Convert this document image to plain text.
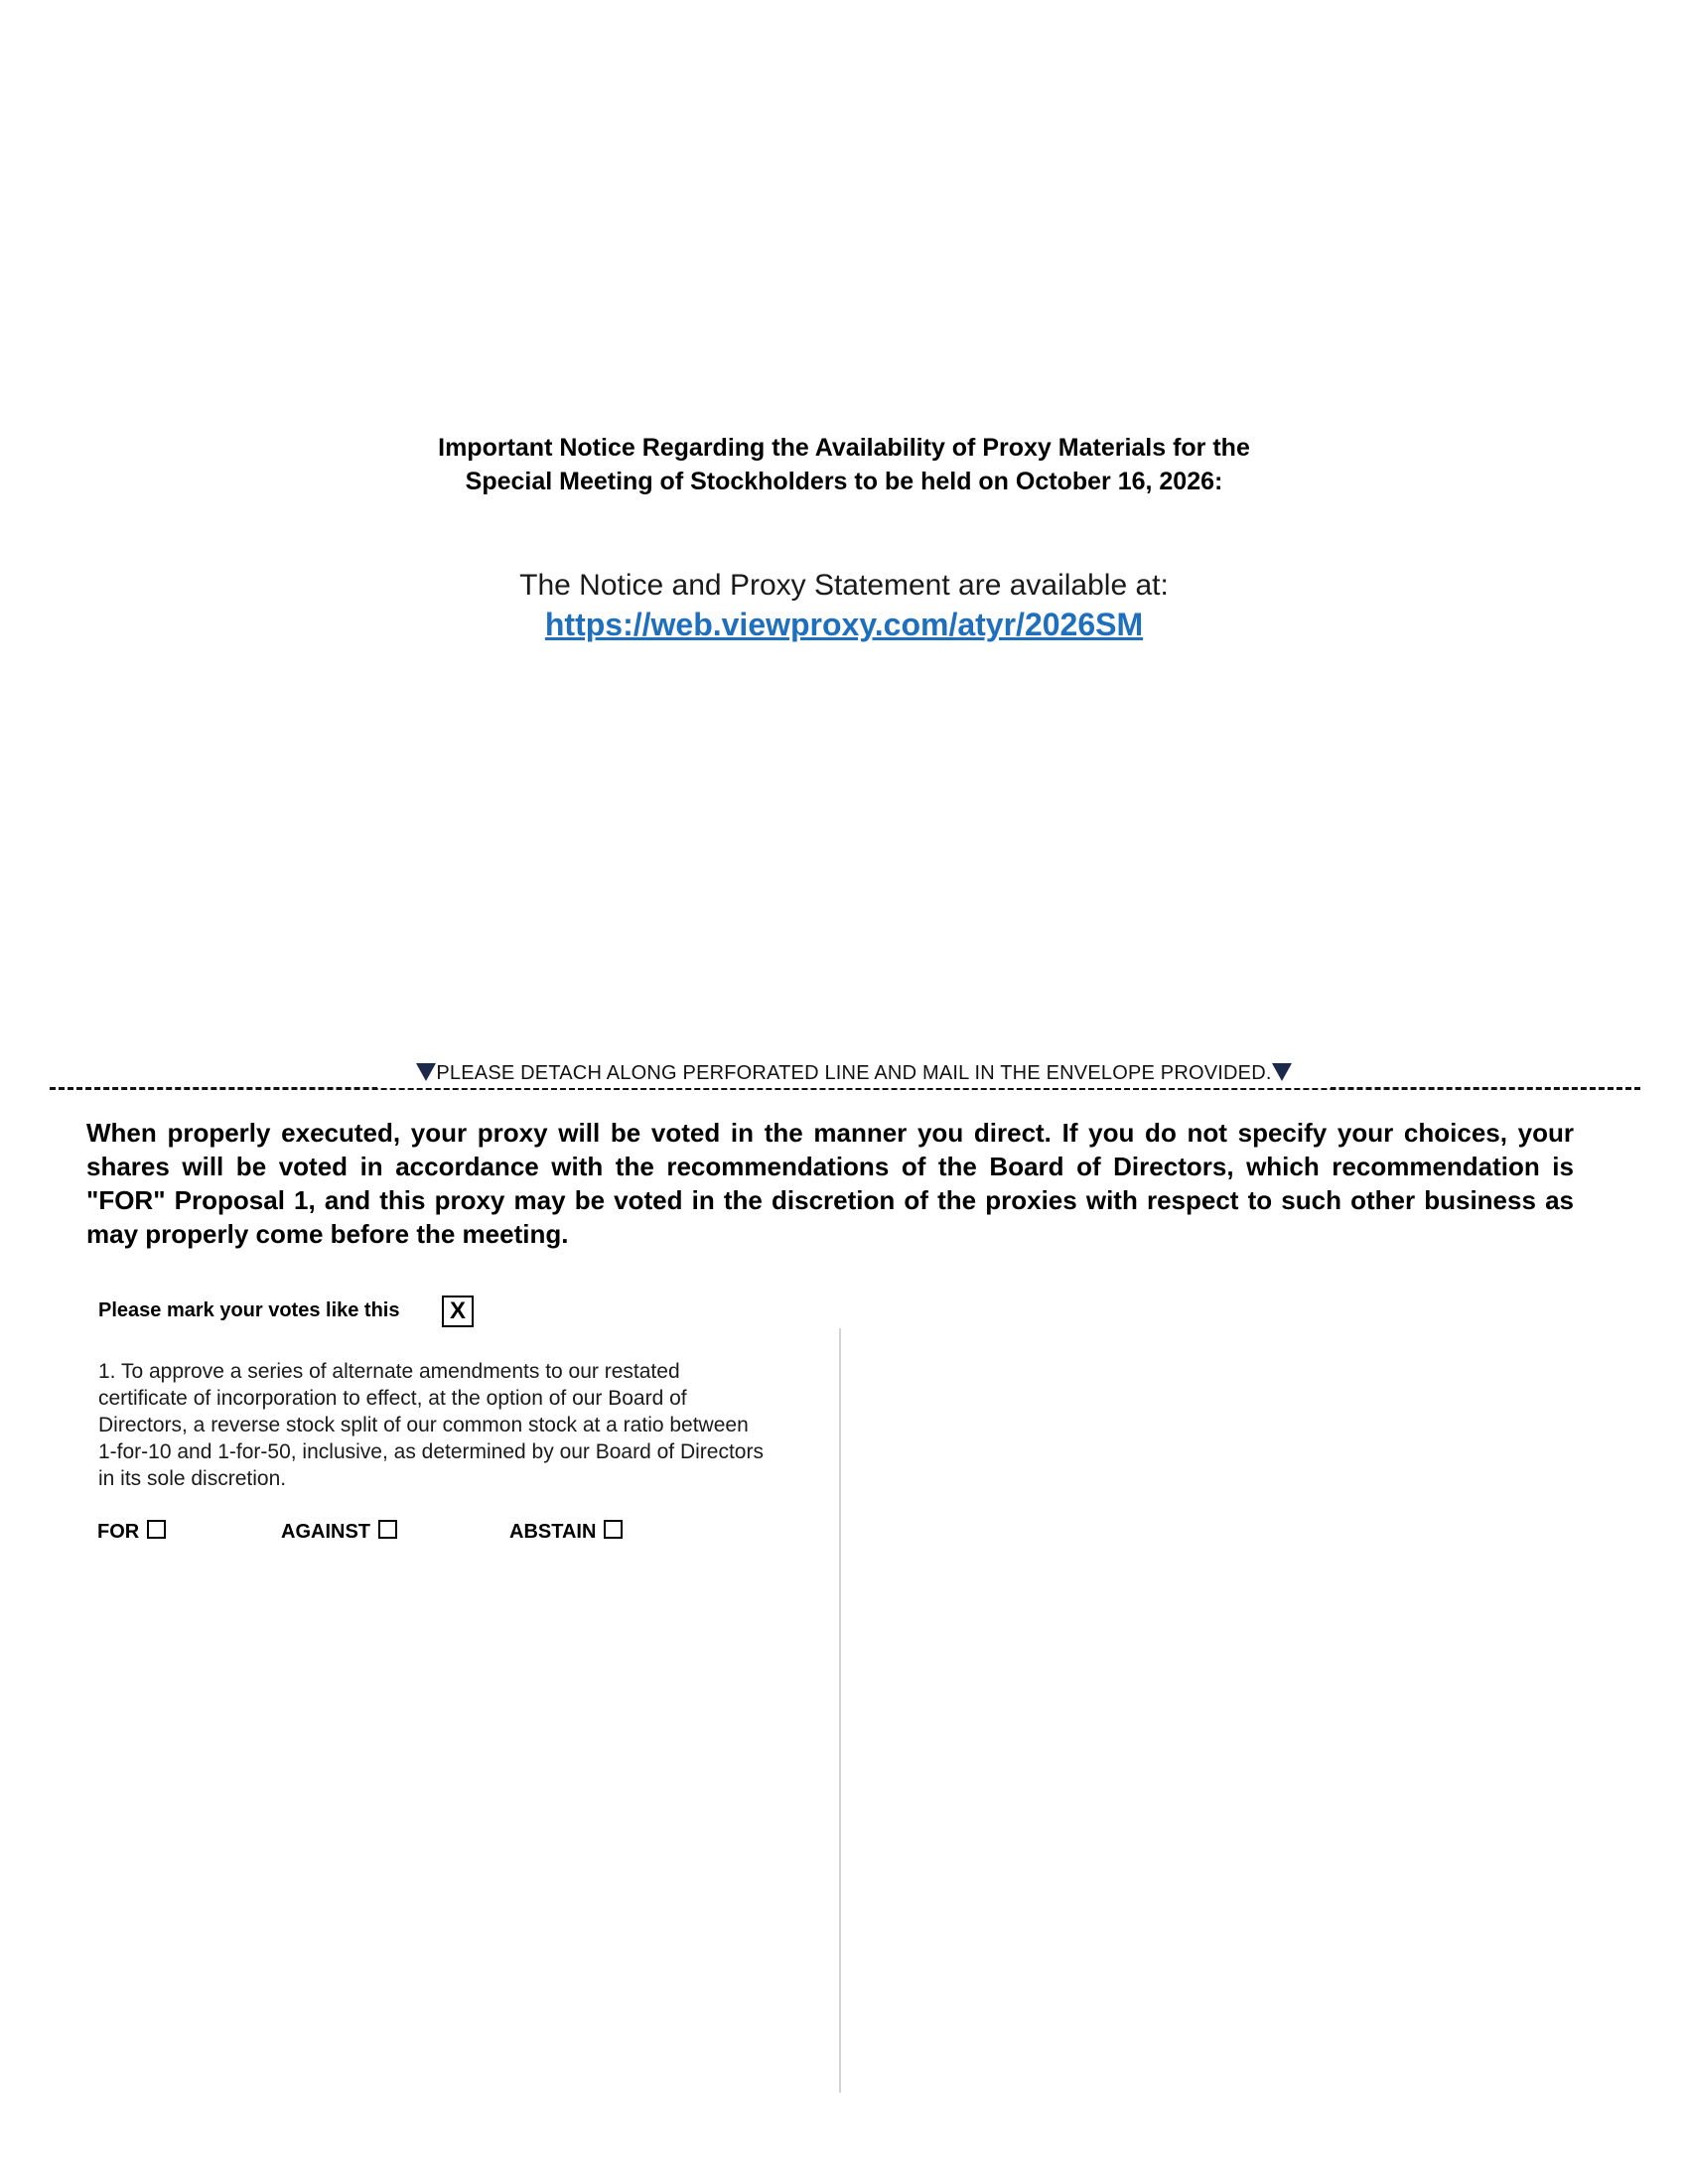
Important Notice Regarding the Availability of Proxy Materials for the
Special Meeting of Stockholders to be held on October 16, 2026:
The Notice and Proxy Statement are available at:
https://web.viewproxy.com/atyr/2026SM
PLEASE DETACH ALONG PERFORATED LINE AND MAIL IN THE ENVELOPE PROVIDED.
When properly executed, your proxy will be voted in the manner you direct. If you do not specify your choices, your shares will be voted in accordance with the recommendations of the Board of Directors, which recommendation is "FOR" Proposal 1, and this proxy may be voted in the discretion of the proxies with respect to such other business as may properly come before the meeting.
Please mark your votes like this	X
1. To approve a series of alternate amendments to our restated certificate of incorporation to effect, at the option of our Board of Directors, a reverse stock split of our common stock at a ratio between 1-for-10 and 1-for-50, inclusive, as determined by our Board of Directors in its sole discretion.
FOR	AGAINST	ABSTAIN
